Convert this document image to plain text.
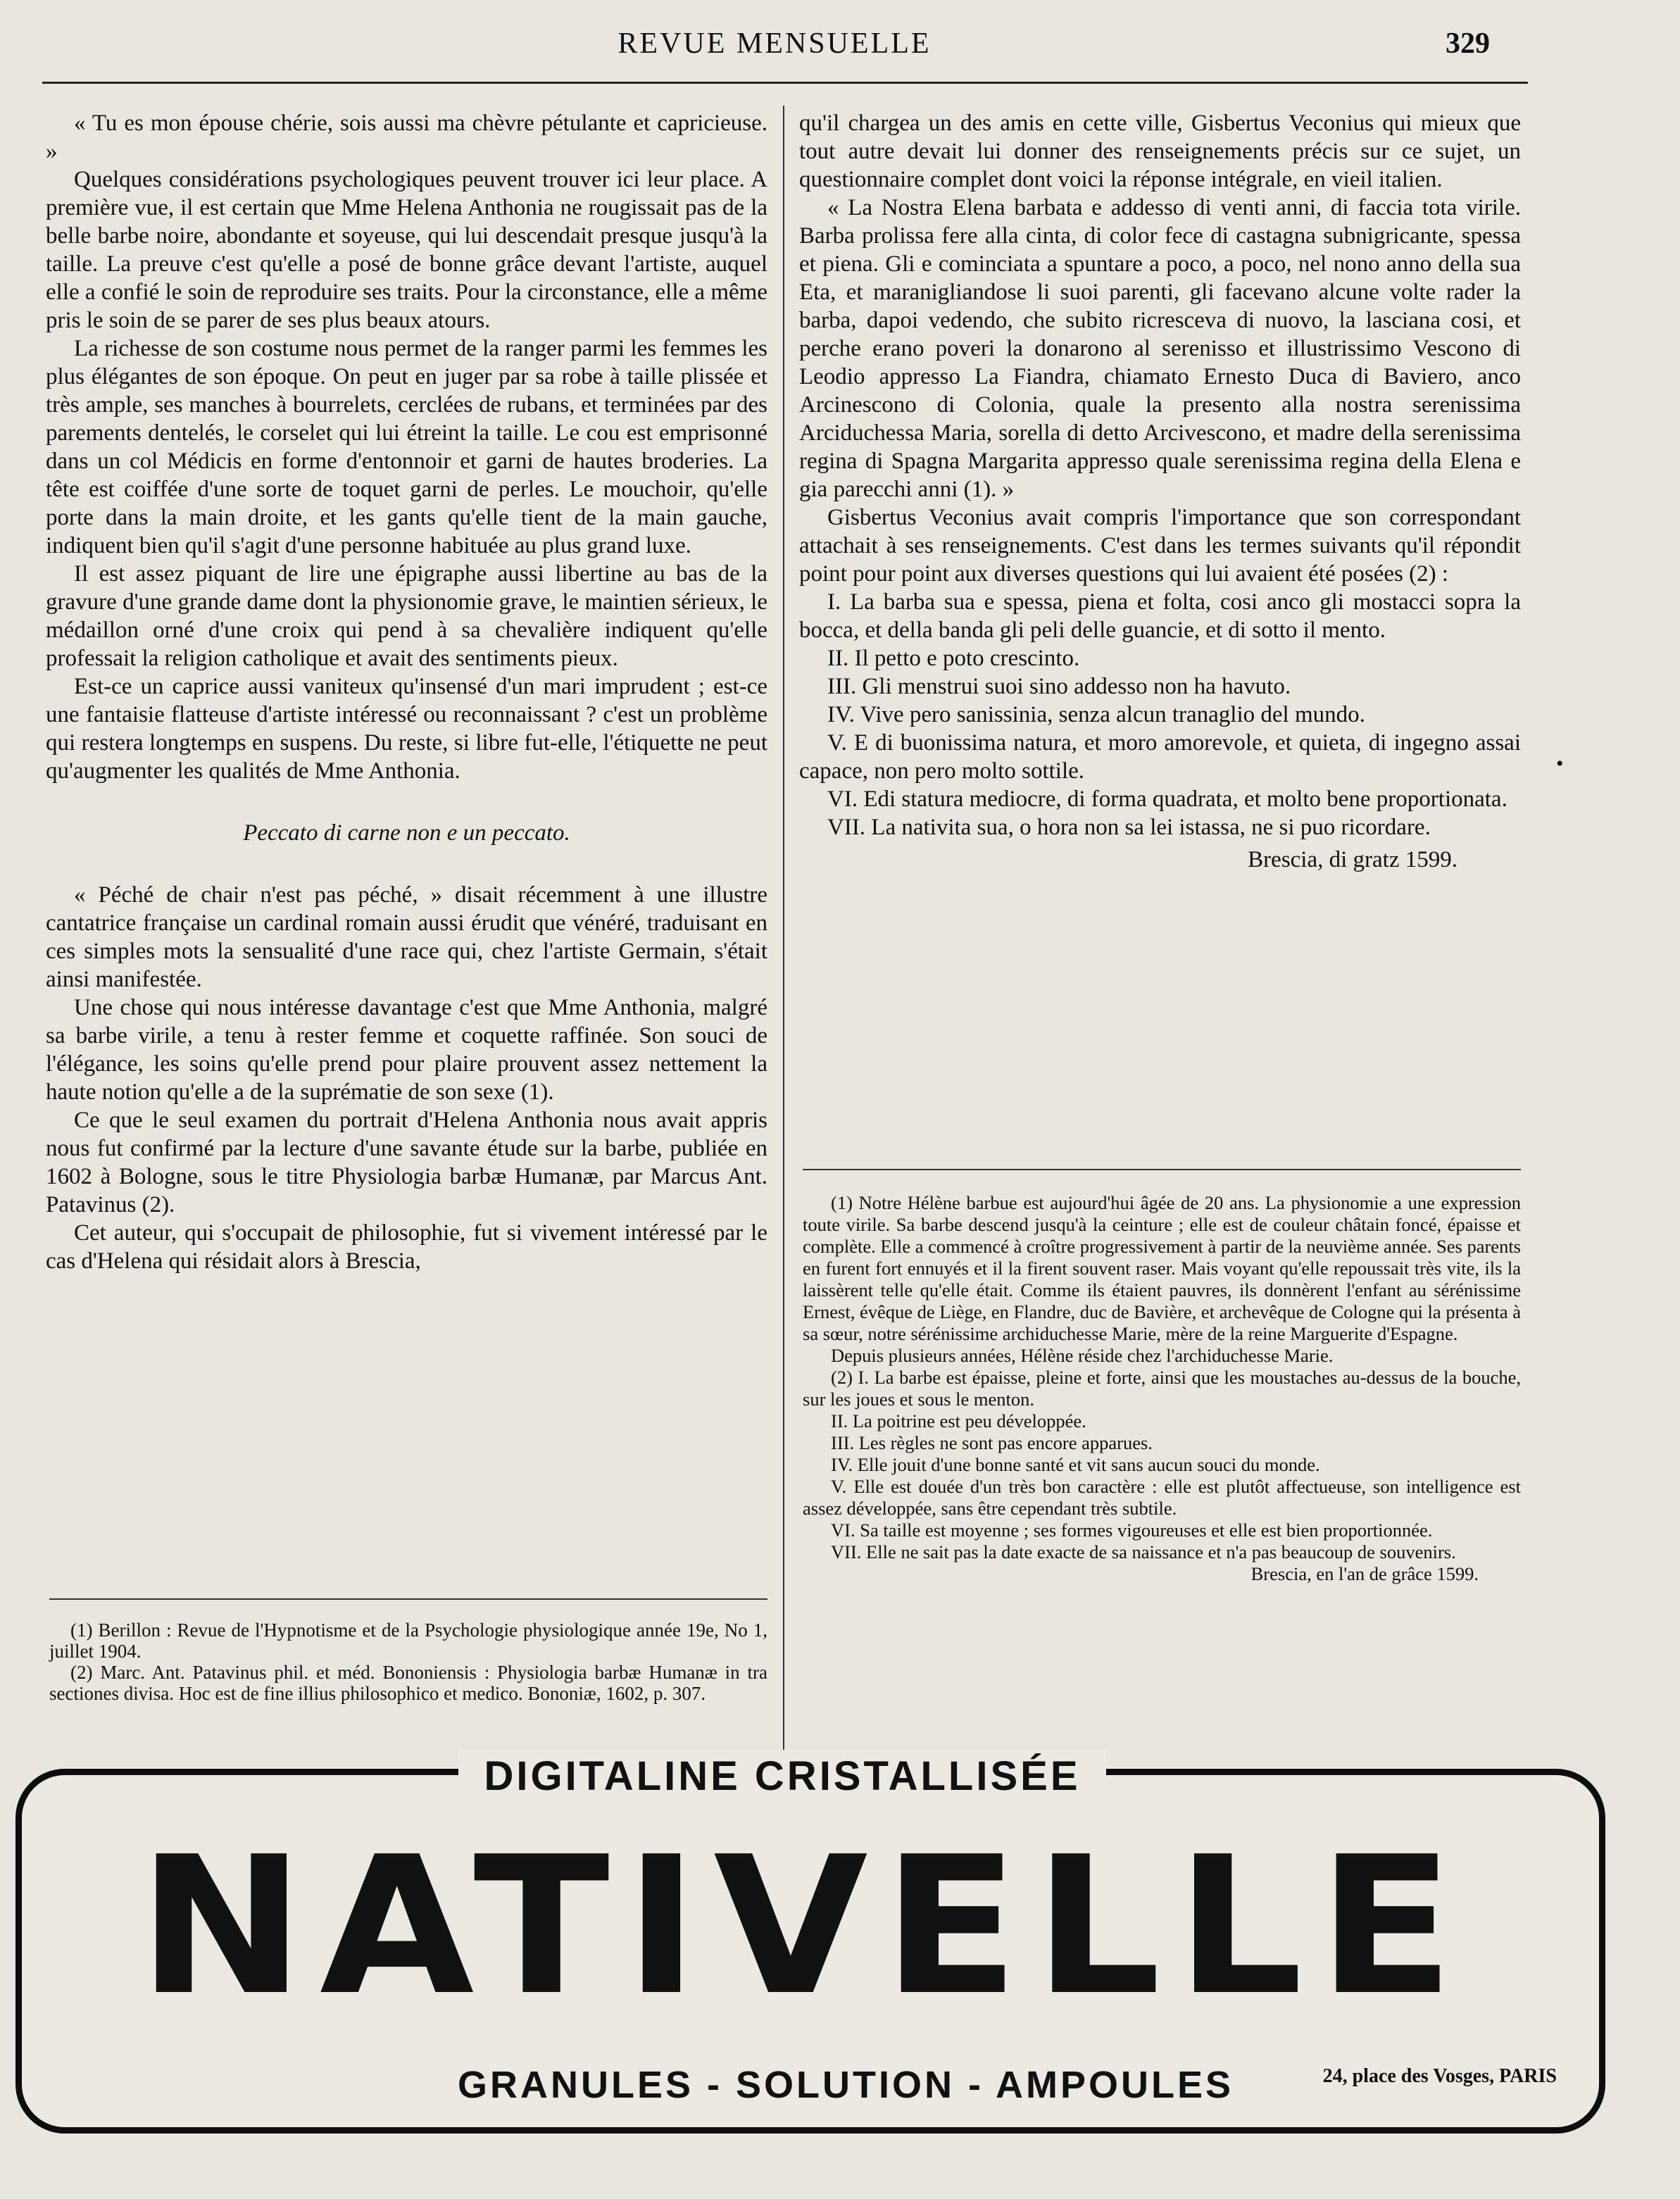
REVUE MENSUELLE	329

« Tu es mon épouse chérie, sois aussi ma chèvre pétulante et capricieuse. »

Quelques considérations psychologiques peuvent trouver ici leur place. A première vue, il est certain que Mme Helena Anthonia ne rougissait pas de la belle barbe noire, abondante et soyeuse, qui lui descendait presque jusqu'à la taille. La preuve c'est qu'elle a posé de bonne grâce devant l'artiste, auquel elle a confié le soin de reproduire ses traits. Pour la circonstance, elle a même pris le soin de se parer de ses plus beaux atours.

La richesse de son costume nous permet de la ranger parmi les femmes les plus élégantes de son époque. On peut en juger par sa robe à taille plissée et très ample, ses manches à bourrelets, cerclées de rubans, et terminées par des parements dentelés, le corselet qui lui étreint la taille. Le cou est emprisonné dans un col Médicis en forme d'entonnoir et garni de hautes broderies. La tête est coiffée d'une sorte de toquet garni de perles. Le mouchoir, qu'elle porte dans la main droite, et les gants qu'elle tient de la main gauche, indiquent bien qu'il s'agit d'une personne habituée au plus grand luxe.

Il est assez piquant de lire une épigraphe aussi libertine au bas de la gravure d'une grande dame dont la physionomie grave, le maintien sérieux, le médaillon orné d'une croix qui pend à sa chevalière indiquent qu'elle professait la religion catholique et avait des sentiments pieux.

Est-ce un caprice aussi vaniteux qu'insensé d'un mari imprudent ; est-ce une fantaisie flatteuse d'artiste intéressé ou reconnaissant ? c'est un problème qui restera longtemps en suspens. Du reste, si libre fut-elle, l'étiquette ne peut qu'augmenter les qualités de Mme Anthonia.

Peccato di carne non e un peccato.

« Péché de chair n'est pas péché, » disait récemment à une illustre cantatrice française un cardinal romain aussi érudit que vénéré, traduisant en ces simples mots la sensualité d'une race qui, chez l'artiste Germain, s'était ainsi manifestée.

Une chose qui nous intéresse davantage c'est que Mme Anthonia, malgré sa barbe virile, a tenu à rester femme et coquette raffinée. Son souci de l'élégance, les soins qu'elle prend pour plaire prouvent assez nettement la haute notion qu'elle a de la suprématie de son sexe (1).

Ce que le seul examen du portrait d'Helena Anthonia nous avait appris nous fut confirmé par la lecture d'une savante étude sur la barbe, publiée en 1602 à Bologne, sous le titre Physiologia barbæ Humanæ, par Marcus Ant. Patavinus (2).

Cet auteur, qui s'occupait de philosophie, fut si vivement intéressé par le cas d'Helena qui résidait alors à Brescia,

(1) Berillon : Revue de l'Hypnotisme et de la Psychologie physiologique année 19e, No 1, juillet 1904.

(2) Marc. Ant. Patavinus phil. et méd. Bononiensis : Physiologia barbæ Humanæ in tra sectiones divisa. Hoc est de fine illius philosophico et medico. Bononiæ, 1602, p. 307.

qu'il chargea un des amis en cette ville, Gisbertus Veconius qui mieux que tout autre devait lui donner des renseignements précis sur ce sujet, un questionnaire complet dont voici la réponse intégrale, en vieil italien.

« La Nostra Elena barbata e addesso di venti anni, di faccia tota virile. Barba prolissa fere alla cinta, di color fece di castagna subnigricante, spessa et piena. Gli e cominciata a spuntare a poco, a poco, nel nono anno della sua Eta, et maranigliandose li suoi parenti, gli facevano alcune volte rader la barba, dapoi vedendo, che subito ricresceva di nuovo, la lasciana cosi, et perche erano poveri la donarono al serenisso et illustrissimo Vescono di Leodio appresso La Fiandra, chiamato Ernesto Duca di Baviero, anco Arcinescono di Colonia, quale la presento alla nostra serenissima Arciduchessa Maria, sorella di detto Arcivescono, et madre della serenissima regina di Spagna Margarita appresso quale serenissima regina della Elena e gia parecchi anni (1). »

Gisbertus Veconius avait compris l'importance que son correspondant attachait à ses renseignements. C'est dans les termes suivants qu'il répondit point pour point aux diverses questions qui lui avaient été posées (2) :

I. La barba sua e spessa, piena et folta, cosi anco gli mostacci sopra la bocca, et della banda gli peli delle guancie, et di sotto il mento.

II. Il petto e poto crescinto.

III. Gli menstrui suoi sino addesso non ha havuto.

IV. Vive pero sanissinia, senza alcun tranaglio del mundo.

V. E di buonissima natura, et moro amorevole, et quieta, di ingegno assai capace, non pero molto sottile.

VI. Edi statura mediocre, di forma quadrata, et molto bene proportionata.

VII. La nativita sua, o hora non sa lei istassa, ne si puo ricordare.

Brescia, di gratz 1599.

(1) Notre Hélène barbue est aujourd'hui âgée de 20 ans. La physionomie a une expression toute virile. Sa barbe descend jusqu'à la ceinture ; elle est de couleur châtain foncé, épaisse et complète. Elle a commencé à croître progressivement à partir de la neuvième année. Ses parents en furent fort ennuyés et il la firent souvent raser. Mais voyant qu'elle repoussait très vite, ils la laissèrent telle qu'elle était. Comme ils étaient pauvres, ils donnèrent l'enfant au sérénissime Ernest, évêque de Liège, en Flandre, duc de Bavière, et archevêque de Cologne qui la présenta à sa sœur, notre sérénissime archiduchesse Marie, mère de la reine Marguerite d'Espagne.

Depuis plusieurs années, Hélène réside chez l'archiduchesse Marie.

(2) I. La barbe est épaisse, pleine et forte, ainsi que les moustaches au-dessus de la bouche, sur les joues et sous le menton.

II. La poitrine est peu développée.

III. Les règles ne sont pas encore apparues.

IV. Elle jouit d'une bonne santé et vit sans aucun souci du monde.

V. Elle est douée d'un très bon caractère : elle est plutôt affectueuse, son intelligence est assez développée, sans être cependant très subtile.

VI. Sa taille est moyenne ; ses formes vigoureuses et elle est bien proportionnée.

VII. Elle ne sait pas la date exacte de sa naissance et n'a pas beaucoup de souvenirs.

Brescia, en l'an de grâce 1599.

•
DIGITALINE CRISTALLISÉE
NATIVELLE
GRANULES - SOLUTION - AMPOULES	24, place des Vosges, PARIS
